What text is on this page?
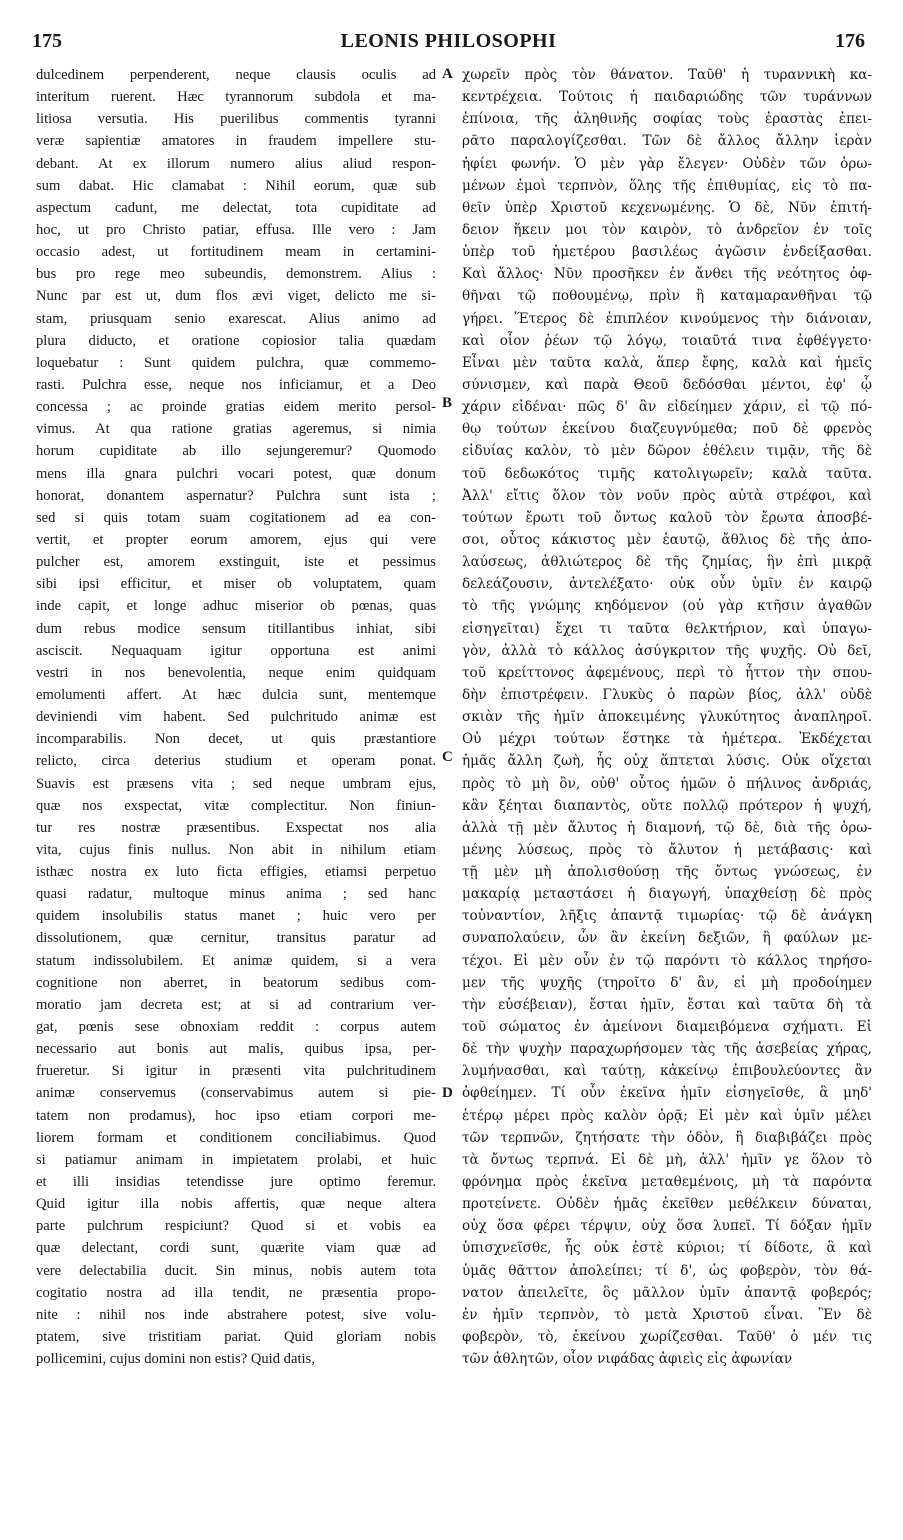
175	LEONIS PHILOSOPHI	176
dulcedinem perpenderent, neque clausis oculis ad
interitum ruerent. Hæc tyrannorum subdola et ma-
litiosa versutia. His puerilibus commentis tyranni
veræ sapientiæ amatores in fraudem impellere stu-
debant. At ex illorum numero alius aliud respon-
sum dabat. Hic clamabat : Nihil eorum, quæ sub
aspectum cadunt, me delectat, tota cupiditate ad
hoc, ut pro Christo patiar, effusa. Ille vero : Jam
occasio adest, ut fortitudinem meam in certamini-
bus pro rege meo subeundis, demonstrem. Alius :
Nunc par est ut, dum flos ævi viget, delicto me si-
stam, priusquam senio exarescat. Alius animo ad
plura diducto, et oratione copiosior talia quædam
loquebatur : Sunt quidem pulchra, quæ commemo-
rasti. Pulchra esse, neque nos inficiamur, et a Deo
concessa ; ac proinde gratias eidem merito persol-
vimus. At qua ratione gratias ageremus, si nimia
horum cupiditate ab illo sejungeremur? Quomodo
mens illa gnara pulchri vocari potest, quæ donum
honorat, donantem aspernatur? Pulchra sunt ista ;
sed si quis totam suam cogitationem ad ea con-
vertit, et propter eorum amorem, ejus qui vere
pulcher est, amorem exstinguit, iste et pessimus
sibi ipsi efficitur, et miser ob voluptatem, quam
inde capit, et longe adhuc miserior ob pœnas, quas
dum rebus modice sensum titillantibus inhiat, sibi
asciscit. Nequaquam igitur opportuna est animi
vestri in nos benevolentia, neque enim quidquam
emolumenti affert. At hæc dulcia sunt, mentemque
deviniendi vim habent. Sed pulchritudo animæ est
incomparabilis. Non decet, ut quis præstantiore
relicto, circa deterius studium et operam ponat.
Suavis est præsens vita ; sed neque umbram ejus,
quæ nos exspectat, vitæ complectitur. Non finiun-
tur res nostræ præsentibus. Exspectat nos alia
vita, cujus finis nullus. Non abit in nihilum etiam
isthæc nostra ex luto ficta effigies, etiamsi perpetuo
quasi radatur, multoque minus anima ; sed hanc
quidem insolubilis status manet ; huic vero per
dissolutionem, quæ cernitur, transitus paratur ad
statum indissolubilem. Et animæ quidem, si a vera
cognitione non aberret, in beatorum sedibus com-
moratio jam decreta est; at si ad contrarium ver-
gat, pœnis sese obnoxiam reddit : corpus autem
necessario aut bonis aut malis, quibus ipsa, per-
frueretur. Si igitur in præsenti vita pulchritudinem
animæ conservemus (conservabimus autem si pie-
tatem non prodamus), hoc ipso etiam corpori me-
liorem formam et conditionem conciliabimus. Quod
si patiamur animam in impietatem prolabi, et huic
et illi insidias tetendisse jure optimo feremur.
Quid igitur illa nobis affertis, quæ neque altera
parte pulchrum respiciunt? Quod si et vobis ea
quæ delectant, cordi sunt, quærite viam quæ ad
vere delectabilia ducit. Sin minus, nobis autem tota
cogitatio nostra ad illa tendit, ne præsentia propo-
nite : nihil nos inde abstrahere potest, sive volu-
ptatem, sive tristitiam pariat. Quid gloriam nobis
pollicemini, cujus domini non estis? Quid datis,
χωρεῖν πρὸς τὸν θάνατον. Ταῦθ' ἡ τυραννικὴ κα-
κεντρέχεια. Τούτοις ἡ παιδαριώδης τῶν τυράννων
ἐπίνοια, τῆς ἀληθινῆς σοφίας τοὺς ἐραστὰς ἐπει-
ρᾶτο παραλογίζεσθαι. Τῶν δὲ ἄλλος ἄλλην ἱερὰν
ἠφίει φωνήν. Ὁ μὲν γὰρ ἔλεγεν· Οὐδὲν τῶν ὁρω-
μένων ἐμοὶ τερπνὸν, ὅλης τῆς ἐπιθυμίας, εἰς τὸ πα-
θεῖν ὑπὲρ Χριστοῦ κεχενωμένης. Ὁ δὲ, Νῦν ἐπιτή-
δειον ἥκειν μοι τὸν καιρὸν, τὸ ἀνδρεῖον ἐν τοῖς
ὑπὲρ τοῦ ἡμετέρου βασιλέως ἀγῶσιν ἐνδείξασθαι.
Καὶ ἄλλος· Νῦν προσῆκεν ἐν ἄνθει τῆς νεότητος ὀφ-
θῆναι τῷ ποθουμένῳ, πρὶν ἢ καταμαρανθῆναι τῷ
γήρει. Ἕτερος δὲ ἐπιπλέον κινούμενος τὴν διάνοιαν,
καὶ οἷον ῥέων τῷ λόγῳ, τοιαῦτά τινα ἐφθέγγετο·
Εἶναι μὲν ταῦτα καλὰ, ἅπερ ἔφης, καλὰ καὶ ἡμεῖς
σύνισμεν, καὶ παρὰ Θεοῦ δεδόσθαι μέντοι, ἐφ' ᾧ
χάριν εἰδέναι· πῶς δ' ἂν εἰδείημεν χάριν, εἰ τῷ πό-
θῳ τούτων ἐκείνου διαζευγνύμεθα; ποῦ δὲ φρενὸς
εἰδυίας καλὸν, τὸ μὲν δῶρον ἐθέλειν τιμᾷν, τῆς δὲ
τοῦ δεδωκότος τιμῆς κατολιγωρεῖν; καλὰ ταῦτα.
Ἀλλ' εἴτις ὅλον τὸν νοῦν πρὸς αὐτὰ στρέφοι, καὶ
τούτων ἔρωτι τοῦ ὄντως καλοῦ τὸν ἔρωτα ἀποσβέ-
σοι, οὗτος κάκιστος μὲν ἑαυτῷ, ἄθλιος δὲ τῆς ἀπο-
λαύσεως, ἀθλιώτερος δὲ τῆς ζημίας, ἣν ἐπὶ μικρᾷ
δελεάζουσιν, ἀντελέξατο· οὐκ οὖν ὑμῖν ἐν καιρῷ
τὸ τῆς γνώμης κηδόμενον (οὐ γὰρ κτῆσιν ἀγαθῶν
εἰσηγεῖται) ἔχει τι ταῦτα θελκτήριον, καὶ ὑπαγω-
γὸν, ἀλλὰ τὸ κάλλος ἀσύγκριτον τῆς ψυχῆς. Οὐ δεῖ,
τοῦ κρείττονος ἀφεμένους, περὶ τὸ ἧττον τὴν σπου-
δὴν ἐπιστρέφειν. Γλυκὺς ὁ παρὼν βίος, ἀλλ' οὐδὲ
σκιὰν τῆς ἡμῖν ἀποκειμένης γλυκύτητος ἀναπληροῖ.
Οὐ μέχρι τούτων ἕστηκε τὰ ἡμέτερα. Ἐκδέχεται
ἡμᾶς ἄλλη ζωὴ, ἧς οὐχ ἅπτεται λύσις. Οὐκ οἴχεται
πρὸς τὸ μὴ ὂν, οὐθ' οὗτος ἡμῶν ὁ πήλινος ἀνδριάς,
κἂν ξέηται διαπαντὸς, οὔτε πολλῷ πρότερον ἡ ψυχή,
ἀλλὰ τῇ μὲν ἄλυτος ἡ διαμονή, τῷ δὲ, διὰ τῆς ὁρω-
μένης λύσεως, πρὸς τὸ ἄλυτον ἡ μετάβασις· καὶ
τῇ μὲν μὴ ἀπολισθούσῃ τῆς ὄντως γνώσεως, ἐν
μακαρίᾳ μεταστάσει ἡ διαγωγή, ὑπαχθείσῃ δὲ πρὸς
τοὐναντίον, λῆξις ἀπαντᾷ τιμωρίας· τῷ δὲ ἀνάγκη
συναπολαύειν, ὧν ἂν ἐκείνη δεξιῶν, ἢ φαύλων με-
τέχοι. Εἰ μὲν οὖν ἐν τῷ παρόντι τὸ κάλλος τηρήσο-
μεν τῆς ψυχῆς (τηροῖτο δ' ἂν, εἰ μὴ προδοίημεν
τὴν εὐσέβειαν), ἔσται ἡμῖν, ἔσται καὶ ταῦτα δὴ τὰ
τοῦ σώματος ἐν ἀμείνονι διαμειβόμενα σχήματι. Εἰ
δὲ τὴν ψυχὴν παραχωρήσομεν τὰς τῆς ἀσεβείας χήρας,
λυμήνασθαι, καὶ ταύτῃ, κἀκείνῳ ἐπιβουλεύοντες ἂν
ὀφθείημεν. Τί οὖν ἐκεῖνα ἡμῖν εἰσηγεῖσθε, ἃ μηδ'
ἑτέρῳ μέρει πρὸς καλὸν ὁρᾷ; Εἰ μὲν καὶ ὑμῖν μέλει
τῶν τερπνῶν, ζητήσατε τὴν ὁδὸν, ἣ διαβιβάζει πρὸς
τὰ ὄντως τερπνά. Εἰ δὲ μὴ, ἀλλ' ἡμῖν γε ὅλον τὸ
φρόνημα πρὸς ἐκεῖνα μεταθεμένοις, μὴ τὰ παρόντα
προτείνετε. Οὐδὲν ἡμᾶς ἐκεῖθεν μεθέλκειν δύναται,
οὐχ ὅσα φέρει τέρψιν, οὐχ ὅσα λυπεῖ. Τί δόξαν ἡμῖν
ὑπισχνεῖσθε, ἧς οὐκ ἐστὲ κύριοι; τί δίδοτε, ἃ καὶ
ὑμᾶς θᾶττον ἀπολείπει; τί δ', ὡς φοβερὸν, τὸν θά-
νατον ἀπειλεῖτε, ὃς μᾶλλον ὑμῖν ἀπαντᾷ φοβερός;
ἐν ἡμῖν τερπνὸν, τὸ μετὰ Χριστοῦ εἶναι. Ἓν δὲ
φοβερὸν, τὸ, ἐκείνου χωρίζεσθαι. Ταῦθ' ὁ μέν τις
τῶν ἀθλητῶν, οἷον νιφάδας ἀφιεὶς εἰς ἀφωνίαν
A
B
C
D
